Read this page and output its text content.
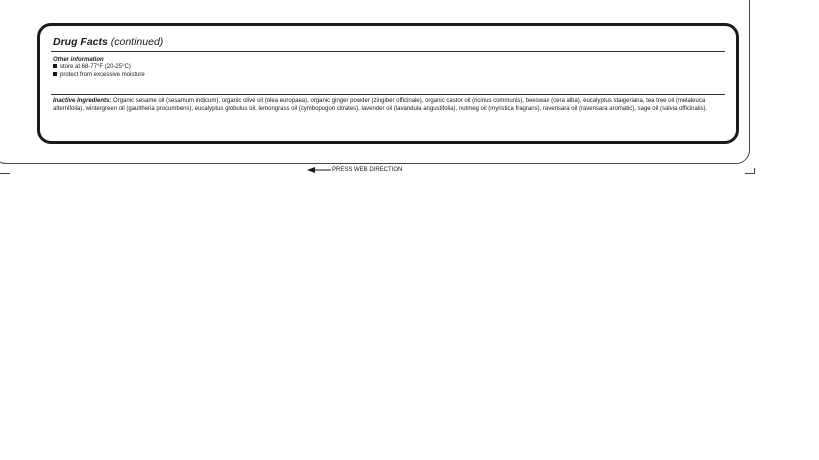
Drug Facts (continued)
Other information
store at 68-77°F (20-25°C)
protect from excessive moisture

Inactive Ingredients: Organic sesame oil (sesamum indicum), organic olive oil (olea europaea), organic ginger powder (zingiber officinale), organic castor oil (ricinus communis), beeswax (cera alba), eucalyptus staigeriana, tea tree oil (melaleuca alternifolia), wintergreen oil (gaultheria procumbens), eucalyptus globulus oil, lemongrass oil (cymbopogon citrates), lavender oil (lavandula angustifolia), nutmeg oil (myristica fragrans), ravensara oil (ravensara aromatic), sage oil (salvia officinalis).

PRESS WEB DIRECTION
